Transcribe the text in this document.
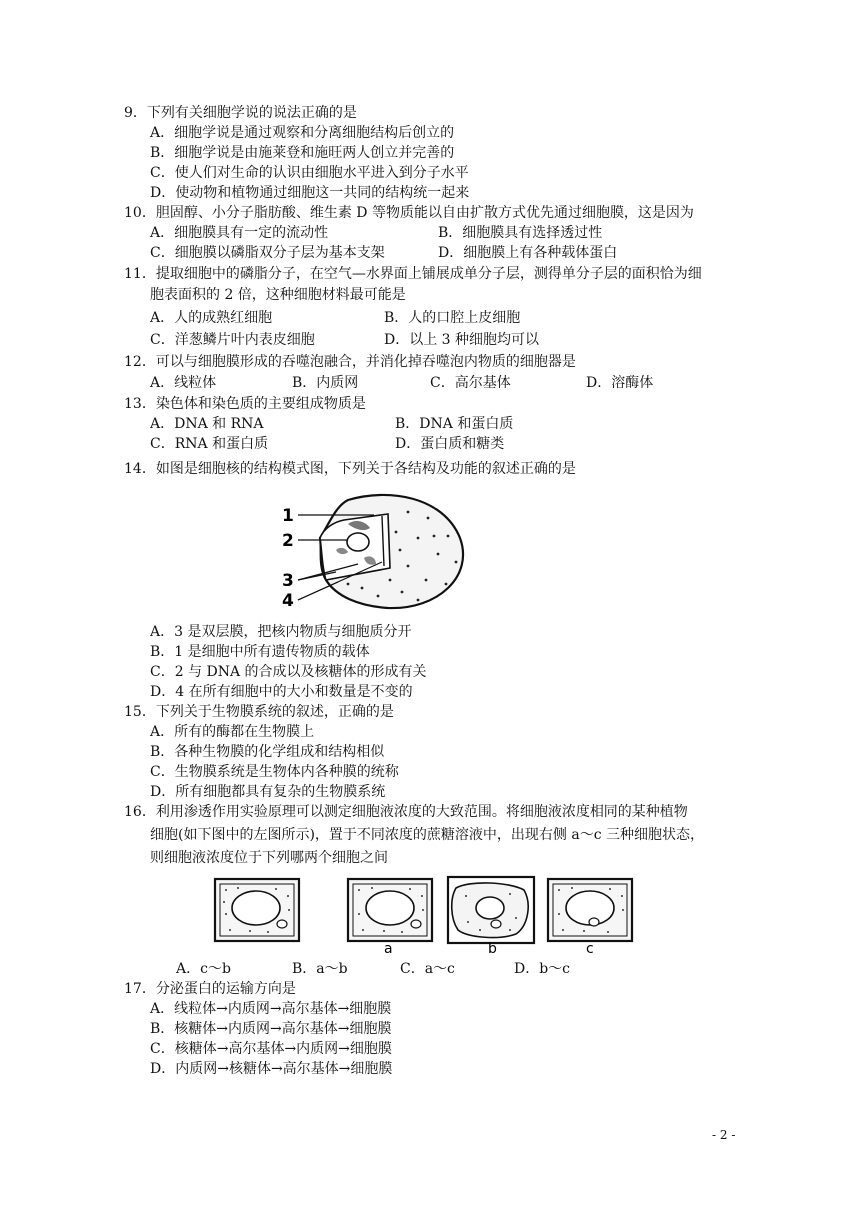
9．下列有关细胞学说的说法正确的是
A．细胞学说是通过观察和分离细胞结构后创立的
B．细胞学说是由施莱登和施旺两人创立并完善的
C．使人们对生命的认识由细胞水平进入到分子水平
D．使动物和植物通过细胞这一共同的结构统一起来
10．胆固醇、小分子脂肪酸、维生素 D 等物质能以自由扩散方式优先通过细胞膜，这是因为
A．细胞膜具有一定的流动性	B．细胞膜具有选择透过性
C．细胞膜以磷脂双分子层为基本支架	D．细胞膜上有各种载体蛋白
11．提取细胞中的磷脂分子，在空气—水界面上铺展成单分子层，测得单分子层的面积恰为细
胞表面积的 2 倍，这种细胞材料最可能是
A．人的成熟红细胞	B．人的口腔上皮细胞
C．洋葱鳞片叶内表皮细胞	D．以上 3 种细胞均可以
12．可以与细胞膜形成的吞噬泡融合，并消化掉吞噬泡内物质的细胞器是
A．线粒体	B．内质网	C．高尔基体	D．溶酶体
13．染色体和染色质的主要组成物质是
A．DNA 和 RNA	B．DNA 和蛋白质
C．RNA 和蛋白质	D．蛋白质和糖类
14．如图是细胞核的结构模式图，下列关于各结构及功能的叙述正确的是
1
2
3
4
A．3 是双层膜，把核内物质与细胞质分开
B．1 是细胞中所有遗传物质的载体
C．2 与 DNA 的合成以及核糖体的形成有关
D．4 在所有细胞中的大小和数量是不变的
15．下列关于生物膜系统的叙述，正确的是
A．所有的酶都在生物膜上
B．各种生物膜的化学组成和结构相似
C．生物膜系统是生物体内各种膜的统称
D．所有细胞都具有复杂的生物膜系统
16．利用渗透作用实验原理可以测定细胞液浓度的大致范围。将细胞液浓度相同的某种植物
细胞(如下图中的左图所示)，置于不同浓度的蔗糖溶液中，出现右侧 a～c 三种细胞状态，
则细胞液浓度位于下列哪两个细胞之间
a	b	c
A．c～b	B．a～b	C．a～c	D．b～c
17．分泌蛋白的运输方向是
A．线粒体→内质网→高尔基体→细胞膜
B．核糖体→内质网→高尔基体→细胞膜
C．核糖体→高尔基体→内质网→细胞膜
D．内质网→核糖体→高尔基体→细胞膜
- 2 -
